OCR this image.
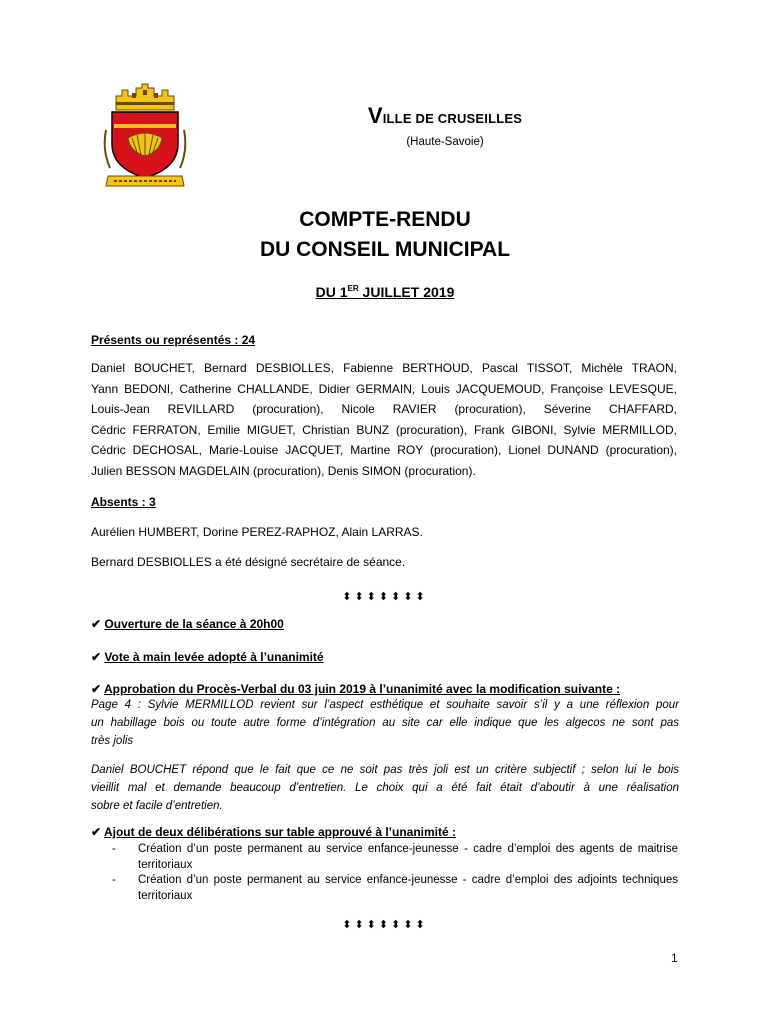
VILLE DE CRUSEILLES
(Haute-Savoie)
COMPTE-RENDU
DU CONSEIL MUNICIPAL
DU 1ER JUILLET 2019
Présents ou représentés : 24
Daniel BOUCHET, Bernard DESBIOLLES, Fabienne BERTHOUD, Pascal TISSOT, Michèle TRAON,
Yann BEDONI, Catherine CHALLANDE, Didier GERMAIN, Louis JACQUEMOUD, Françoise LEVESQUE,
Louis-Jean REVILLARD (procuration), Nicole RAVIER (procuration), Séverine CHAFFARD,
Cédric FERRATON, Emilie MIGUET, Christian BUNZ (procuration), Frank GIBONI, Sylvie MERMILLOD,
Cédric DECHOSAL, Marie-Louise JACQUET, Martine ROY (procuration), Lionel DUNAND (procuration),
Julien BESSON MAGDELAIN (procuration), Denis SIMON (procuration).
Absents : 3
Aurélien HUMBERT, Dorine PEREZ-RAPHOZ, Alain LARRAS.
Bernard DESBIOLLES a été désigné secrétaire de séance.
⬍⬍⬍⬍⬍⬍⬍
✔ Ouverture de la séance à 20h00
✔ Vote à main levée adopté à l’unanimité
✔ Approbation du Procès-Verbal du 03 juin 2019 à l’unanimité avec la modification suivante :
Page 4 : Sylvie MERMILLOD revient sur l’aspect esthétique et souhaite savoir s’il y a une réflexion pour
un habillage bois ou toute autre forme d’intégration au site car elle indique que les algecos ne sont pas
très jolis
Daniel BOUCHET répond que le fait que ce ne soit pas très joli est un critère subjectif ; selon lui le bois
vieillit mal et demande beaucoup d’entretien. Le choix qui a été fait était d’aboutir à une réalisation
sobre et facile d’entretien.
✔ Ajout de deux délibérations sur table approuvé à l’unanimité :
- Création d’un poste permanent au service enfance-jeunesse - cadre d’emploi des agents de maitrise territoriaux
- Création d’un poste permanent au service enfance-jeunesse - cadre d’emploi des adjoints techniques territoriaux
⬍⬍⬍⬍⬍⬍⬍
1
